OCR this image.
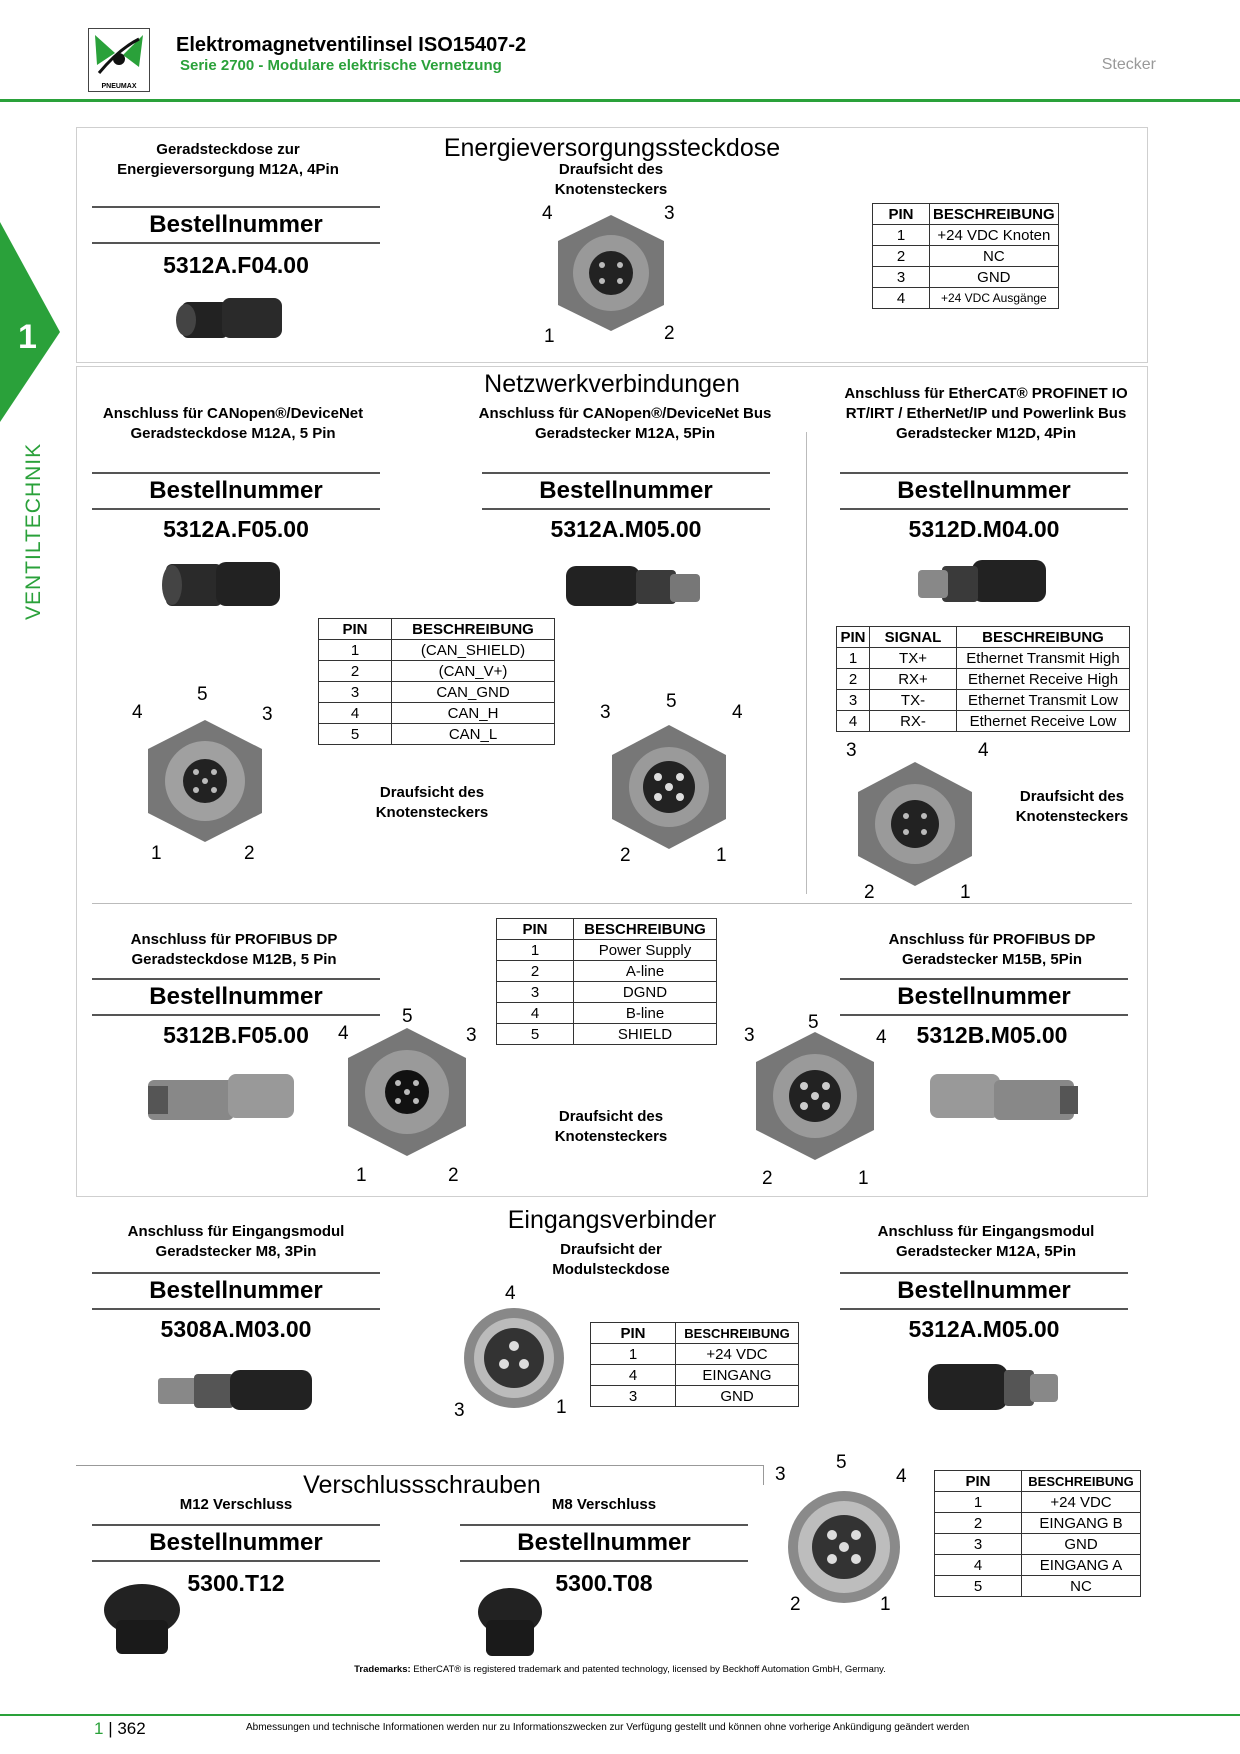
PNEUMAX
Elektromagnetventilinsel ISO15407-2
Serie 2700 - Modulare elektrische Vernetzung	Stecker
1
VENTILTECHNIK
Energieversorgungssteckdose
Geradsteckdose zur Energieversorgung M12A, 4Pin
Bestellnummer
5312A.F04.00
Draufsicht des Knotensteckers
4	3
1	2
PIN	BESCHREIBUNG
1	+24 VDC Knoten
2	NC
3	GND
4	+24 VDC Ausgänge
Netzwerkverbindungen
Anschluss für CANopen®/DeviceNet Geradsteckdose M12A, 5 Pin
Bestellnummer
5312A.F05.00
5
4	3
1	2
Anschluss für CANopen®/DeviceNet Bus Geradstecker M12A, 5Pin
Bestellnummer
5312A.M05.00
5
3	4
2	1
PIN	BESCHREIBUNG
1	(CAN_SHIELD)
2	(CAN_V+)
3	CAN_GND
4	CAN_H
5	CAN_L
Draufsicht des Knotensteckers
Anschluss für EtherCAT® PROFINET IO RT/IRT / EtherNet/IP und Powerlink Bus Geradstecker M12D, 4Pin
Bestellnummer
5312D.M04.00
PIN	SIGNAL	BESCHREIBUNG
1	TX+	Ethernet Transmit High
2	RX+	Ethernet Receive High
3	TX-	Ethernet Transmit Low
4	RX-	Ethernet Receive Low
3	4
2	1
Draufsicht des Knotensteckers
Anschluss für PROFIBUS DP Geradsteckdose M12B, 5 Pin
Bestellnummer
5312B.F05.00
5
4	3
1	2
PIN	BESCHREIBUNG
1	Power Supply
2	A-line
3	DGND
4	B-line
5	SHIELD
Draufsicht des Knotensteckers
Anschluss für PROFIBUS DP Geradstecker M15B, 5Pin
Bestellnummer
5312B.M05.00
5
3	4
2	1
Eingangsverbinder
Anschluss für Eingangsmodul Geradstecker M8, 3Pin
Bestellnummer
5308A.M03.00
Draufsicht der Modulsteckdose
4
3	1
PIN	BESCHREIBUNG
1	+24 VDC
4	EINGANG
3	GND
Anschluss für Eingangsmodul Geradstecker M12A, 5Pin
Bestellnummer
5312A.M05.00
Verschlussschrauben
M12 Verschluss
Bestellnummer
5300.T12
M8 Verschluss
Bestellnummer
5300.T08
5
3	4
2	1
PIN	BESCHREIBUNG
1	+24 VDC
2	EINGANG B
3	GND
4	EINGANG A
5	NC
Trademarks: EtherCAT® is registered trademark and patented technology, licensed by Beckhoff Automation GmbH, Germany.
1 | 362	Abmessungen und technische Informationen werden nur zu Informationszwecken zur Verfügung gestellt und können ohne vorherige Ankündigung geändert werden
